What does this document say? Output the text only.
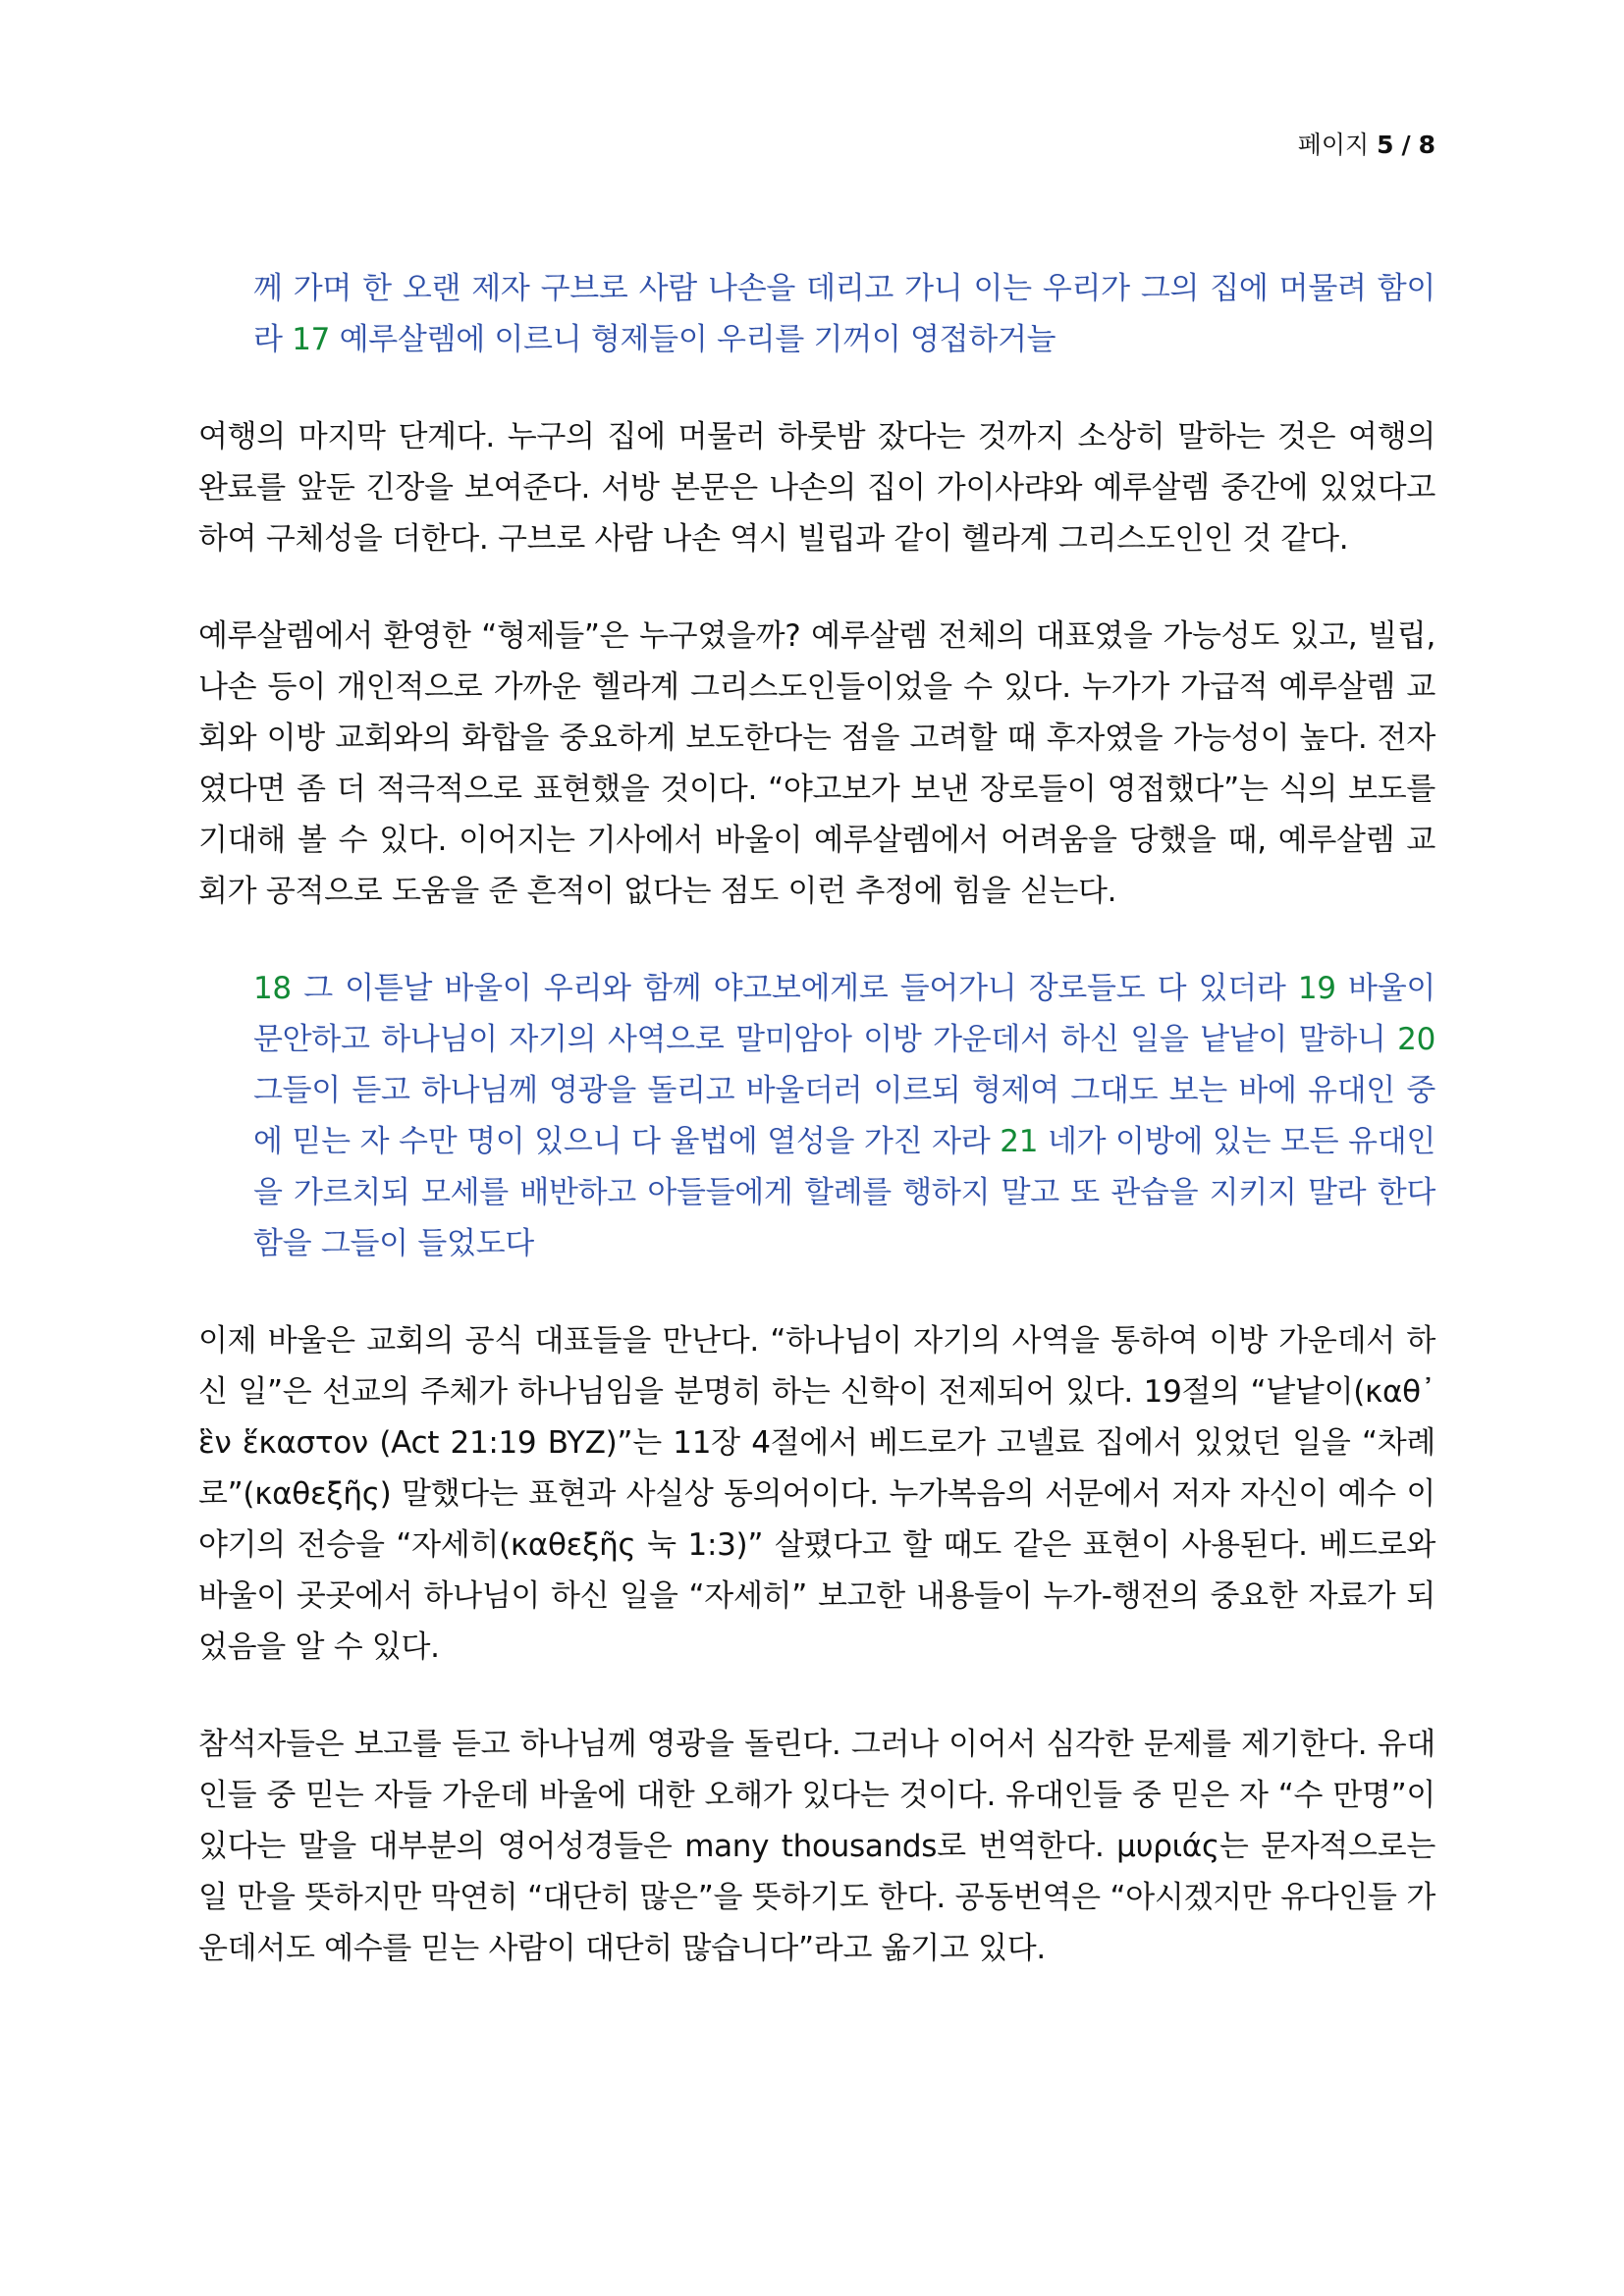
페이지 5 / 8

께 가며 한 오랜 제자 구브로 사람 나손을 데리고 가니 이는 우리가 그의 집에 머물려 함이라 17 예루살렘에 이르니 형제들이 우리를 기꺼이 영접하거늘

여행의 마지막 단계다. 누구의 집에 머물러 하룻밤 잤다는 것까지 소상히 말하는 것은 여행의 완료를 앞둔 긴장을 보여준다. 서방 본문은 나손의 집이 가이사랴와 예루살렘 중간에 있었다고 하여 구체성을 더한다. 구브로 사람 나손 역시 빌립과 같이 헬라계 그리스도인인 것 같다.

예루살렘에서 환영한 “형제들”은 누구였을까? 예루살렘 전체의 대표였을 가능성도 있고, 빌립, 나손 등이 개인적으로 가까운 헬라계 그리스도인들이었을 수 있다. 누가가 가급적 예루살렘 교회와 이방 교회와의 화합을 중요하게 보도한다는 점을 고려할 때 후자였을 가능성이 높다. 전자였다면 좀 더 적극적으로 표현했을 것이다. “야고보가 보낸 장로들이 영접했다”는 식의 보도를 기대해 볼 수 있다. 이어지는 기사에서 바울이 예루살렘에서 어려움을 당했을 때, 예루살렘 교회가 공적으로 도움을 준 흔적이 없다는 점도 이런 추정에 힘을 싣는다.

18 그 이튿날 바울이 우리와 함께 야고보에게로 들어가니 장로들도 다 있더라 19 바울이 문안하고 하나님이 자기의 사역으로 말미암아 이방 가운데서 하신 일을 낱낱이 말하니 20 그들이 듣고 하나님께 영광을 돌리고 바울더러 이르되 형제여 그대도 보는 바에 유대인 중에 믿는 자 수만 명이 있으니 다 율법에 열성을 가진 자라 21 네가 이방에 있는 모든 유대인을 가르치되 모세를 배반하고 아들들에게 할례를 행하지 말고 또 관습을 지키지 말라 한다 함을 그들이 들었도다

이제 바울은 교회의 공식 대표들을 만난다. “하나님이 자기의 사역을 통하여 이방 가운데서 하신 일”은 선교의 주체가 하나님임을 분명히 하는 신학이 전제되어 있다. 19절의 “낱낱이(καθ᾽ ἓν ἕκαστον (Act 21:19 BYZ)”는 11장 4절에서 베드로가 고넬료 집에서 있었던 일을 “차례로”(καθεξῆς) 말했다는 표현과 사실상 동의어이다. 누가복음의 서문에서 저자 자신이 예수 이야기의 전승을 “자세히(καθεξῆς 눅 1:3)” 살폈다고 할 때도 같은 표현이 사용된다. 베드로와 바울이 곳곳에서 하나님이 하신 일을 “자세히” 보고한 내용들이 누가-행전의 중요한 자료가 되었음을 알 수 있다.

참석자들은 보고를 듣고 하나님께 영광을 돌린다. 그러나 이어서 심각한 문제를 제기한다. 유대인들 중 믿는 자들 가운데 바울에 대한 오해가 있다는 것이다. 유대인들 중 믿은 자 “수 만명”이 있다는 말을 대부분의 영어성경들은 many thousands로 번역한다. μυριάς는 문자적으로는 일 만을 뜻하지만 막연히 “대단히 많은”을 뜻하기도 한다. 공동번역은 “아시겠지만 유다인들 가운데서도 예수를 믿는 사람이 대단히 많습니다”라고 옮기고 있다.
